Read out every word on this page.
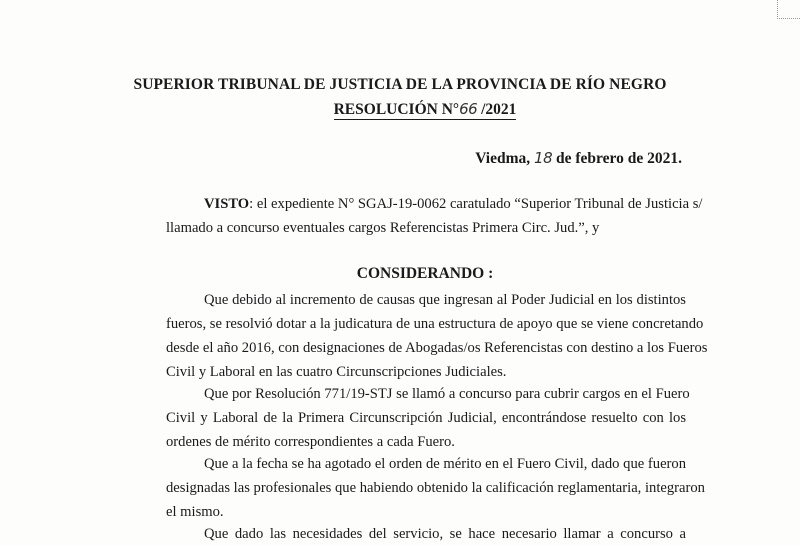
SUPERIOR TRIBUNAL DE JUSTICIA DE LA PROVINCIA DE RÍO NEGRO
RESOLUCIÓN N°66 /2021
Viedma, 18 de febrero de 2021.
VISTO: el expediente N° SGAJ-19-0062 caratulado “Superior Tribunal de Justicia s/
llamado a concurso eventuales cargos Referencistas Primera Circ. Jud.”, y
CONSIDERANDO :
Que debido al incremento de causas que ingresan al Poder Judicial en los distintos
fueros, se resolvió dotar a la judicatura de una estructura de apoyo que se viene concretando
desde el año 2016, con designaciones de Abogadas/os Referencistas con destino a los Fueros
Civil y Laboral en las cuatro Circunscripciones Judiciales.
Que por Resolución 771/19-STJ se llamó a concurso para cubrir cargos en el Fuero
Civil y Laboral de la Primera Circunscripción Judicial, encontrándose resuelto con los
ordenes de mérito correspondientes a cada Fuero.
Que a la fecha se ha agotado el orden de mérito en el Fuero Civil, dado que fueron
designadas las profesionales que habiendo obtenido la calificación reglamentaria, integraron
el mismo.
Que dado las necesidades del servicio, se hace necesario llamar a concurso a
